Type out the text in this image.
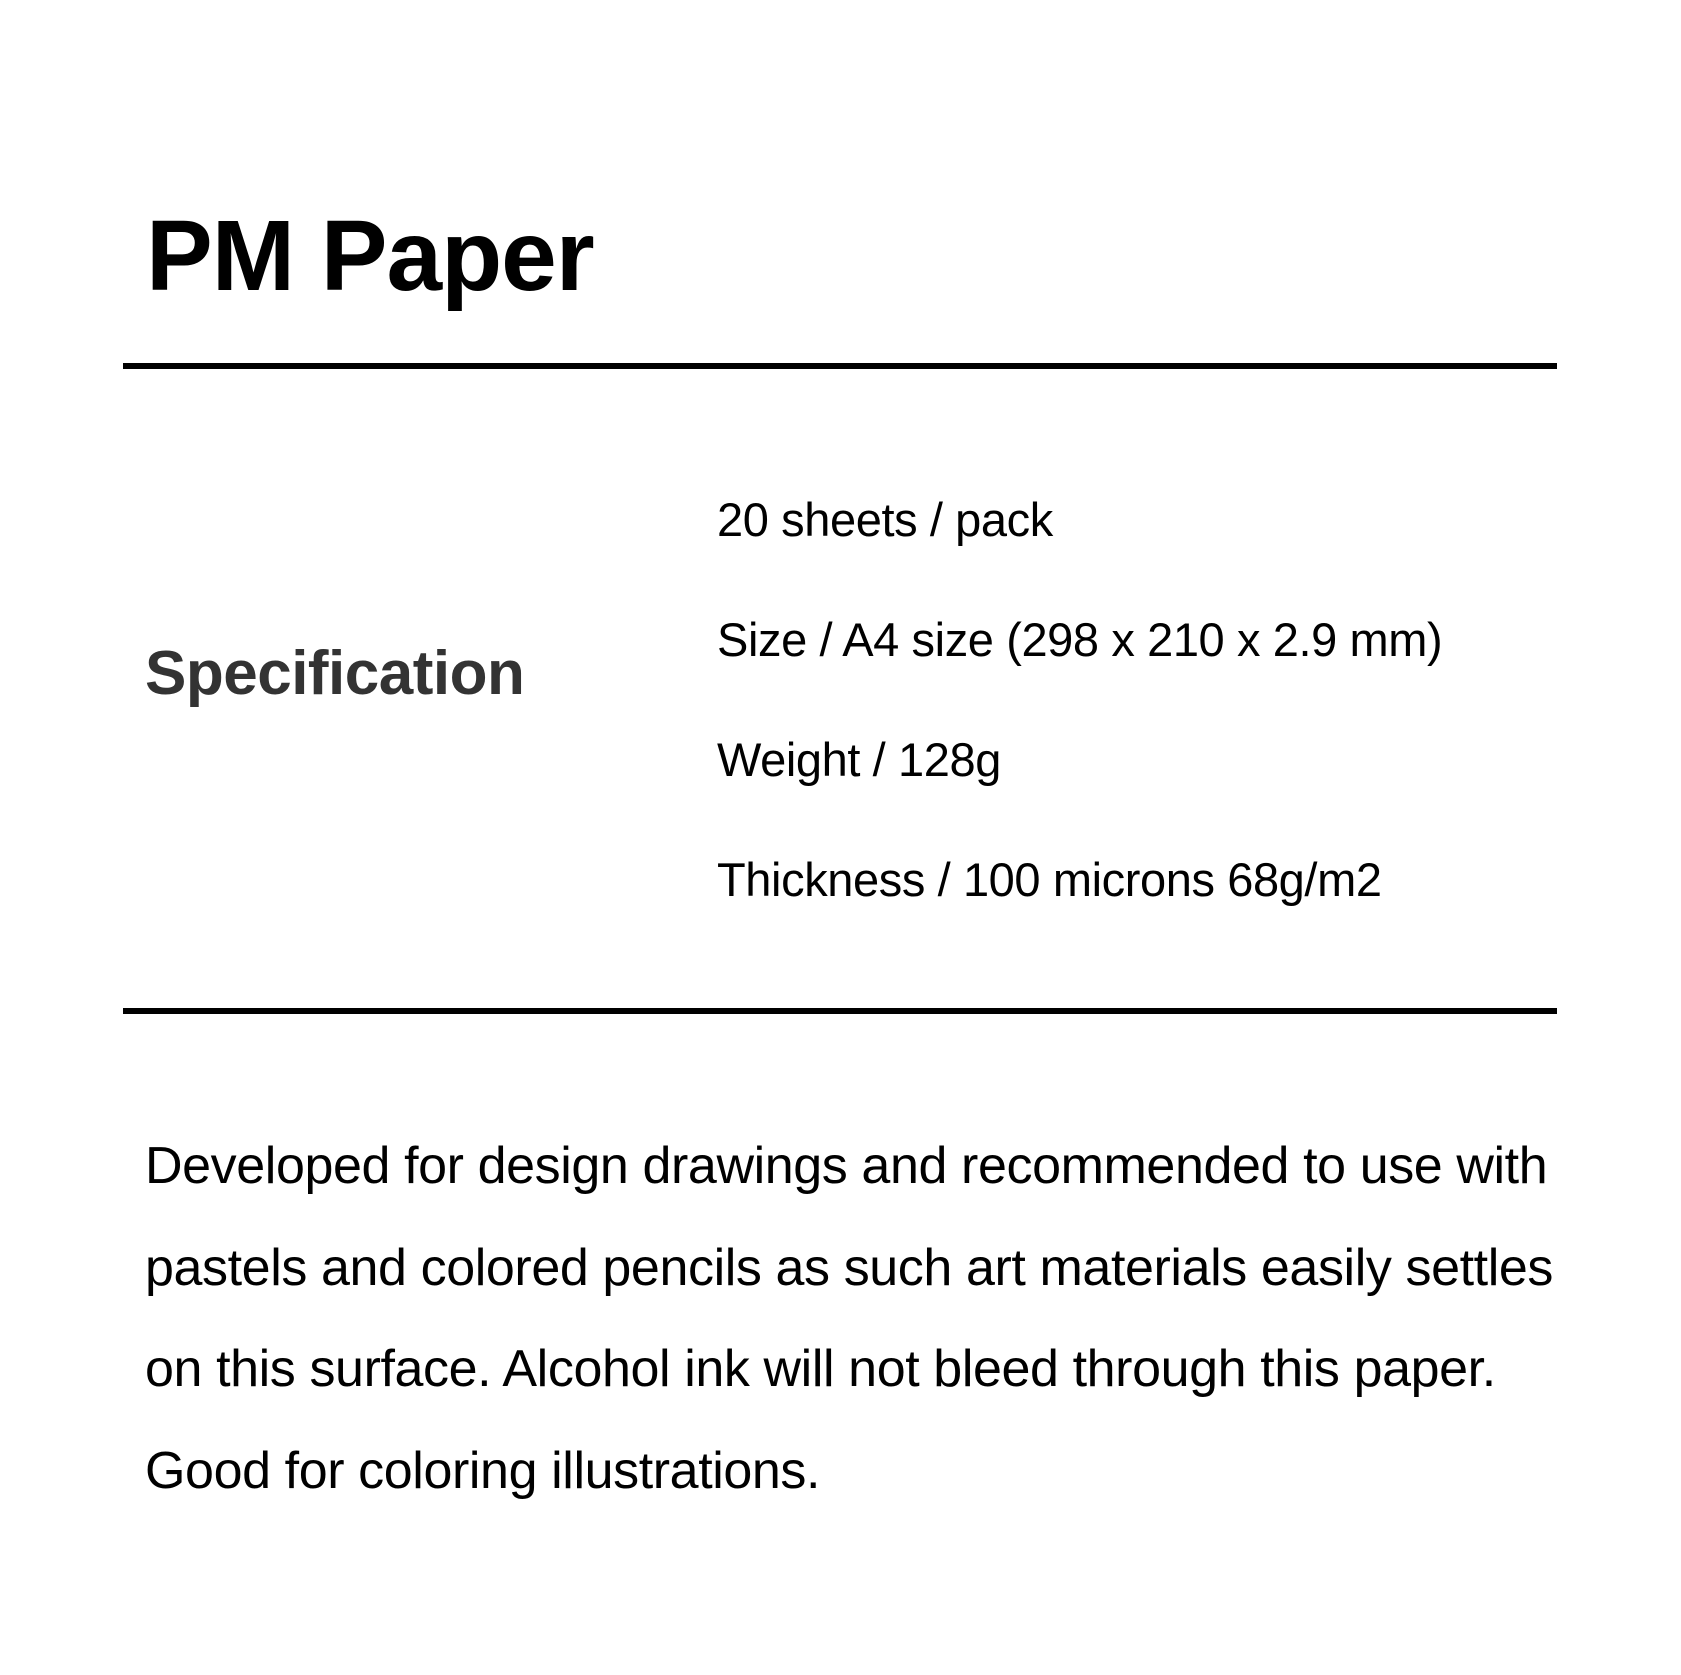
PM Paper
Specification
20 sheets / pack
Size / A4 size (298 x 210 x 2.9 mm)
Weight / 128g
Thickness / 100 microns 68g/m2

Developed for design drawings and recommended to use with pastels and colored pencils as such art materials easily settles on this surface. Alcohol ink will not bleed through this paper. Good for coloring illustrations.
